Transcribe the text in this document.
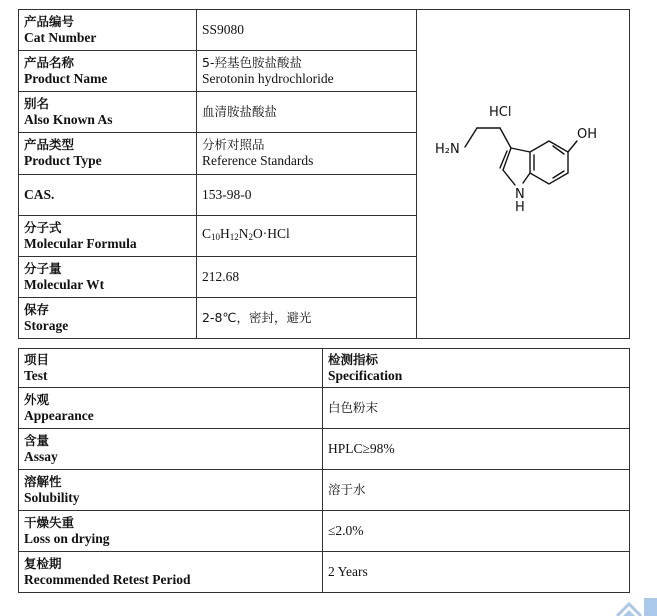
产品编号
Cat Number	SS9080	HCl
OH
H₂N
N
H

产品名称
Product Name	5-羟基色胺盐酸盐
Serotonin hydrochloride	

别名
Also Known As	血清胺盐酸盐	

产品类型
Product Type	分析对照品
Reference Standards	

CAS.	153-98-0	

分子式
Molecular Formula	$C_{10}H_{12}N_2O\cdot HCl$	

分子量
Molecular Wt	212.68	

保存
Storage	2-8℃，密封，避光	
项目
Test	检测指标
Specification

外观
Appearance	白色粉末

含量
Assay	HPLC≥98%

溶解性
Solubility	溶于水

干燥失重
Loss on drying	≤2.0%

复检期
Recommended Retest Period	2 Years
